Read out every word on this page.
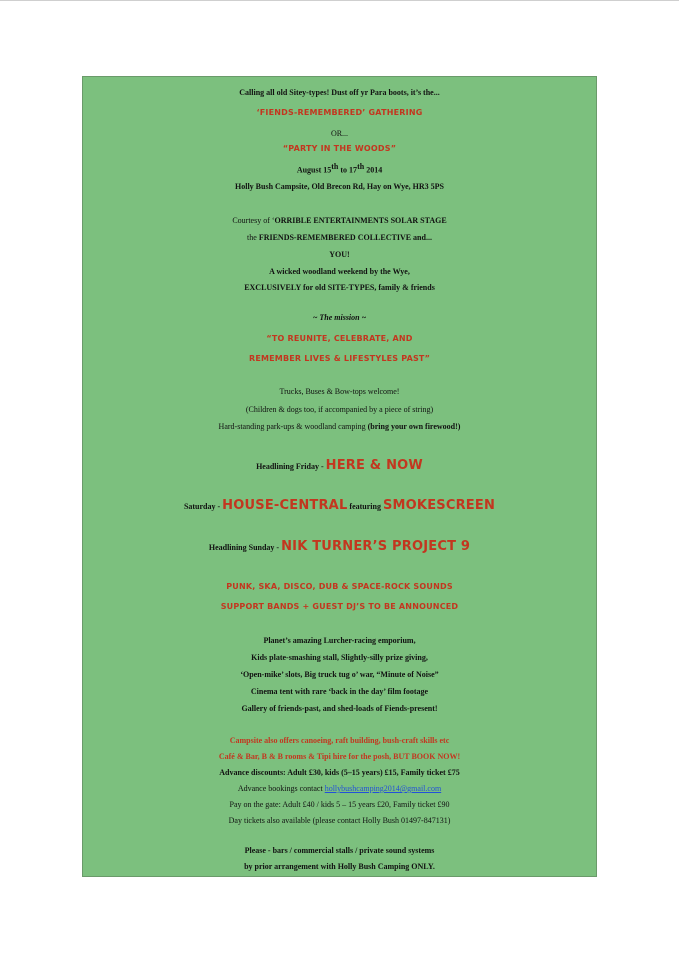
Calling all old Sitey-types! Dust off yr Para boots, it’s the...
‘FIENDS-REMEMBERED’ GATHERING
OR...
“PARTY IN THE WOODS”
August 15th to 17th 2014
Holly Bush Campsite, Old Brecon Rd, Hay on Wye, HR3 5PS
Courtesy of ‘ORRIBLE ENTERTAINMENTS SOLAR STAGE
the FRIENDS-REMEMBERED COLLECTIVE and...
YOU!
A wicked woodland weekend by the Wye,
EXCLUSIVELY for old SITE-TYPES, family & friends
~ The mission ~
“TO REUNITE, CELEBRATE, AND
REMEMBER LIVES & LIFESTYLES PAST”
Trucks, Buses & Bow-tops welcome!
(Children & dogs too, if accompanied by a piece of string)
Hard-standing park-ups & woodland camping (bring your own firewood!)
Headlining Friday - HERE & NOW
Saturday - HOUSE-CENTRAL featuring SMOKESCREEN
Headlining Sunday - NIK TURNER’S PROJECT 9
PUNK, SKA, DISCO, DUB & SPACE-ROCK SOUNDS
SUPPORT BANDS + GUEST DJ’S TO BE ANNOUNCED
Planet’s amazing Lurcher-racing emporium,
Kids plate-smashing stall, Slightly-silly prize giving,
‘Open-mike’ slots, Big truck tug o’ war, “Minute of Noise”
Cinema tent with rare ‘back in the day’ film footage
Gallery of friends-past, and shed-loads of Fiends-present!
Campsite also offers canoeing, raft building, bush-craft skills etc
Café & Bar, B & B rooms & Tipi hire for the posh, BUT BOOK NOW!
Advance discounts: Adult £30, kids (5–15 years) £15, Family ticket £75
Advance bookings contact hollybushcamping2014@gmail.com
Pay on the gate: Adult £40 / kids 5 – 15 years £20, Family ticket £90
Day tickets also available (please contact Holly Bush 01497-847131)
Please - bars / commercial stalls / private sound systems
by prior arrangement with Holly Bush Camping ONLY.
